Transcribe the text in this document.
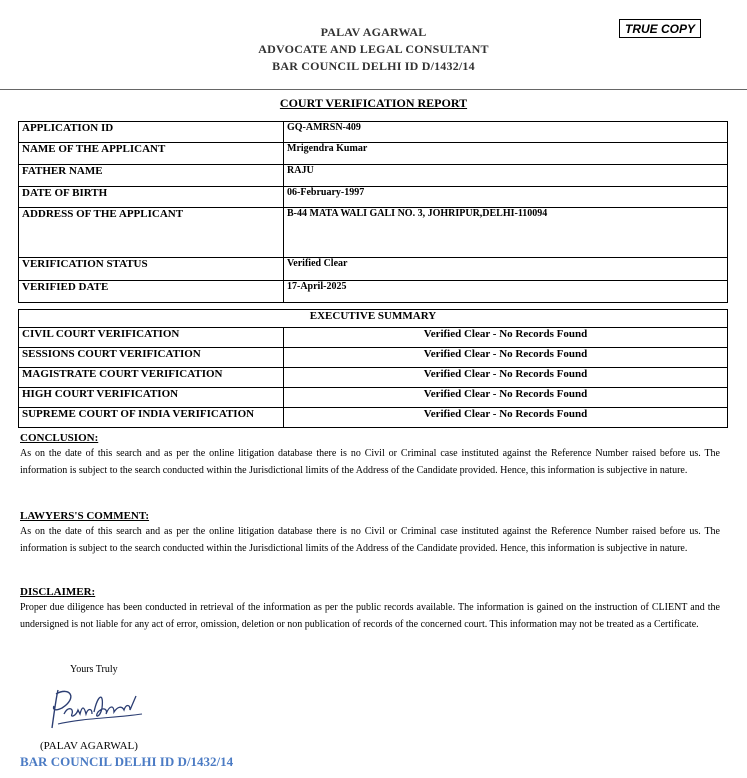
PALAV AGARWAL
ADVOCATE AND LEGAL CONSULTANT
BAR COUNCIL DELHI ID D/1432/14
TRUE COPY
COURT VERIFICATION REPORT
APPLICATION ID	GQ-AMRSN-409
NAME OF THE APPLICANT	Mrigendra Kumar
FATHER NAME	RAJU
DATE OF BIRTH	06-February-1997
ADDRESS OF THE APPLICANT	B-44 MATA WALI GALI NO. 3, JOHRIPUR,DELHI-110094
VERIFICATION STATUS	Verified Clear
VERIFIED DATE	17-April-2025
EXECUTIVE SUMMARY	
CIVIL COURT VERIFICATION	Verified Clear - No Records Found
SESSIONS COURT VERIFICATION	Verified Clear - No Records Found
MAGISTRATE COURT VERIFICATION	Verified Clear - No Records Found
HIGH COURT VERIFICATION	Verified Clear - No Records Found
SUPREME COURT OF INDIA VERIFICATION	Verified Clear - No Records Found
CONCLUSION:
As on the date of this search and as per the online litigation database there is no Civil or Criminal case instituted against the Reference Number raised before us. The information is subject to the search conducted within the Jurisdictional limits of the Address of the Candidate provided. Hence, this information is subjective in nature.
LAWYERS'S COMMENT:
As on the date of this search and as per the online litigation database there is no Civil or Criminal case instituted against the Reference Number raised before us. The information is subject to the search conducted within the Jurisdictional limits of the Address of the Candidate provided. Hence, this information is subjective in nature.
DISCLAIMER:
Proper due diligence has been conducted in retrieval of the information as per the public records available. The information is gained on the instruction of CLIENT and the undersigned is not liable for any act of error, omission, deletion or non publication of records of the concerned court. This information may not be treated as a Certificate.
Yours Truly
(PALAV AGARWAL)
BAR COUNCIL DELHI ID D/1432/14
